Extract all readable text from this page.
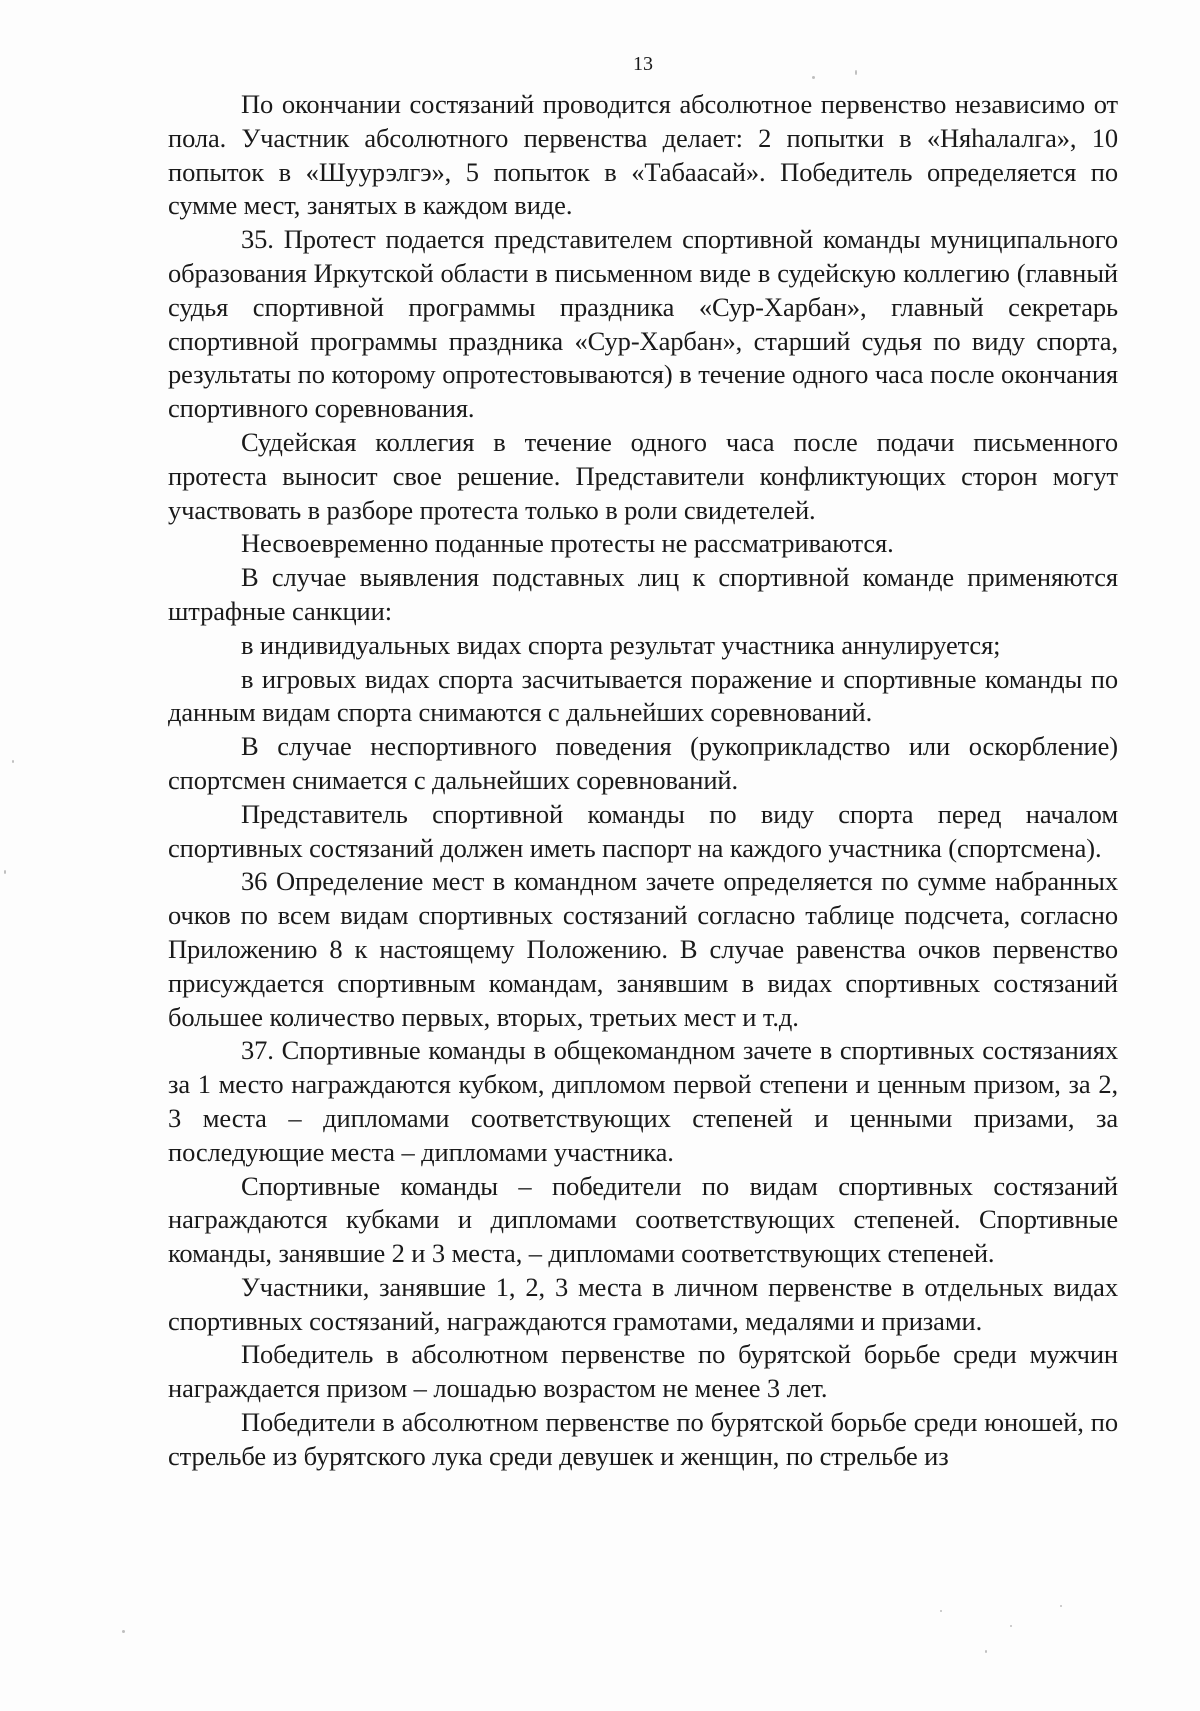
13

По окончании состязаний проводится абсолютное первенство независимо от пола. Участник абсолютного первенства делает: 2 попытки в «Няhалалга», 10 попыток в «Шуурэлгэ», 5 попыток в «Табаасай». Победитель определяется по сумме мест, занятых в каждом виде.

35. Протест подается представителем спортивной команды муниципального образования Иркутской области в письменном виде в судейскую коллегию (главный судья спортивной программы праздника «Сур-Харбан», главный секретарь спортивной программы праздника «Сур-Харбан», старший судья по виду спорта, результаты по которому опротестовываются) в течение одного часа после окончания спортивного соревнования.

Судейская коллегия в течение одного часа после подачи письменного протеста выносит свое решение. Представители конфликтующих сторон могут участвовать в разборе протеста только в роли свидетелей.

Несвоевременно поданные протесты не рассматриваются.

В случае выявления подставных лиц к спортивной команде применяются штрафные санкции:

в индивидуальных видах спорта результат участника аннулируется;

в игровых видах спорта засчитывается поражение и спортивные команды по данным видам спорта снимаются с дальнейших соревнований.

В случае неспортивного поведения (рукоприкладство или оскорбление) спортсмен снимается с дальнейших соревнований.

Представитель спортивной команды по виду спорта перед началом спортивных состязаний должен иметь паспорт на каждого участника (спортсмена).

36 Определение мест в командном зачете определяется по сумме набранных очков по всем видам спортивных состязаний согласно таблице подсчета, согласно Приложению 8 к настоящему Положению. В случае равенства очков первенство присуждается спортивным командам, занявшим в видах спортивных состязаний большее количество первых, вторых, третьих мест и т.д.

37. Спортивные команды в общекомандном зачете в спортивных состязаниях за 1 место награждаются кубком, дипломом первой степени и ценным призом, за 2, 3 места – дипломами соответствующих степеней и ценными призами, за последующие места – дипломами участника.

Спортивные команды – победители по видам спортивных состязаний награждаются кубками и дипломами соответствующих степеней. Спортивные команды, занявшие 2 и 3 места, – дипломами соответствующих степеней.

Участники, занявшие 1, 2, 3 места в личном первенстве в отдельных видах спортивных состязаний, награждаются грамотами, медалями и призами.

Победитель в абсолютном первенстве по бурятской борьбе среди мужчин награждается призом – лошадью возрастом не менее 3 лет.

Победители в абсолютном первенстве по бурятской борьбе среди юношей, по стрельбе из бурятского лука среди девушек и женщин, по стрельбе из
